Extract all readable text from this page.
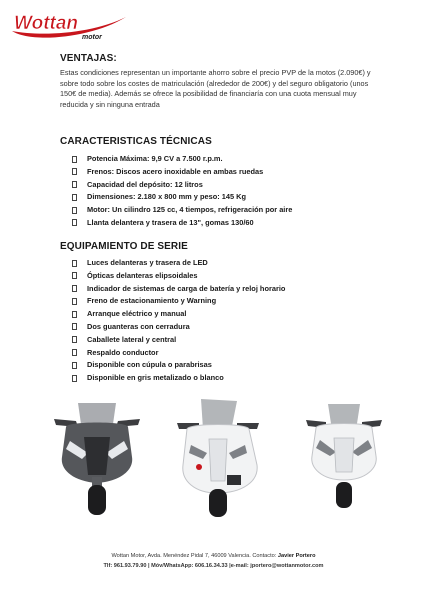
Wottan
motor
VENTAJAS:

Estas condiciones representan un importante ahorro sobre el precio PVP de la motos (2.090€) y sobre todo sobre los costes de matriculación (alrededor de 200€) y del seguro obligatorio (unos 150€ de media). Además se ofrece la posibilidad de financiaría con una cuota mensual muy reducida y sin ninguna entrada

CARACTERISTICAS TÉCNICAS
Potencia Máxima: 9,9 CV a 7.500 r.p.m.
Frenos: Discos acero inoxidable en ambas ruedas
Capacidad del depósito: 12 litros
Dimensiones: 2.180 x 800 mm y peso: 145 Kg
Motor: Un cilindro 125 cc, 4 tiempos, refrigeración por aire
Llanta delantera y trasera de 13", gomas 130/60
EQUIPAMIENTO DE SERIE
Luces delanteras y trasera de LED
Ópticas delanteras elipsoidales
Indicador de sistemas de carga de batería y reloj horario
Freno de estacionamiento y Warning
Arranque eléctrico y manual
Dos guanteras con cerradura
Caballete lateral y central
Respaldo conductor
Disponible con cúpula o parabrisas
Disponible en gris metalizado o blanco

Wottan Motor, Avda. Menéndez Pidal 7, 46009 Valencia. Contacto: Javier Portero

Tlf: 961.93.79.90 | Móv/WhatsApp: 606.16.34.33 |e-mail: jportero@wottanmotor.com
